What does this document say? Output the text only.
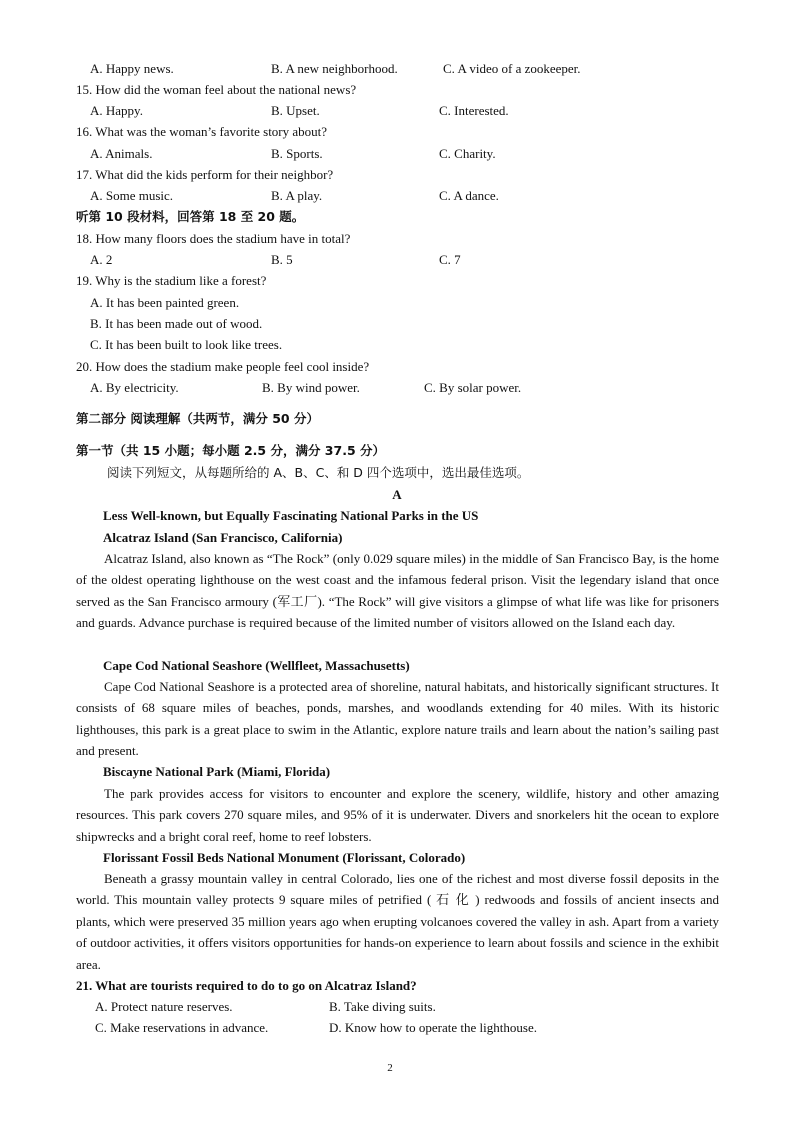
A. Happy news.	B. A new neighborhood.	C. A video of a zookeeper.
15. How did the woman feel about the national news?
A. Happy.	B. Upset.	C. Interested.
16. What was the woman’s favorite story about?
A. Animals.	B. Sports.	C. Charity.
17. What did the kids perform for their neighbor?
A. Some music.	B. A play.	C. A dance.
听第 10 段材料，回答第 18 至 20 题。
18. How many floors does the stadium have in total?
A. 2	B. 5	C. 7
19. Why is the stadium like a forest?
A. It has been painted green.
B. It has been made out of wood.
C. It has been built to look like trees.
20. How does the stadium make people feel cool inside?
A. By electricity.	B. By wind power.	C. By solar power.
第二部分 阅读理解（共两节，满分 50 分）
第一节（共 15 小题；每小题 2.5 分，满分 37.5 分）
阅读下列短文，从每题所给的 A、B、C、和 D 四个选项中，选出最佳选项。
A
Less Well-known, but Equally Fascinating National Parks in the US
Alcatraz Island (San Francisco, California)
Alcatraz Island, also known as “The Rock” (only 0.029 square miles) in the middle of San Francisco Bay, is the home of the oldest operating lighthouse on the west coast and the infamous federal prison. Visit the legendary island that once served as the San Francisco armoury (军工厂). “The Rock” will give visitors a glimpse of what life was like for prisoners and guards. Advance purchase is required because of the limited number of visitors allowed on the Island each day.
Cape Cod National Seashore (Wellfleet, Massachusetts)
Cape Cod National Seashore is a protected area of shoreline, natural habitats, and historically significant structures. It consists of 68 square miles of beaches, ponds, marshes, and woodlands extending for 40 miles. With its historic lighthouses, this park is a great place to swim in the Atlantic, explore nature trails and learn about the nation’s sailing past and present.
Biscayne National Park (Miami, Florida)
The park provides access for visitors to encounter and explore the scenery, wildlife, history and other amazing resources. This park covers 270 square miles, and 95% of it is underwater. Divers and snorkelers hit the ocean to explore shipwrecks and a bright coral reef, home to reef lobsters.
Florissant Fossil Beds National Monument (Florissant, Colorado)
Beneath a grassy mountain valley in central Colorado, lies one of the richest and most diverse fossil deposits in the world. This mountain valley protects 9 square miles of petrified ( 石 化 ) redwoods and fossils of ancient insects and plants, which were preserved 35 million years ago when erupting volcanoes covered the valley in ash. Apart from a variety of outdoor activities, it offers visitors opportunities for hands-on experience to learn about fossils and science in the exhibit area.
21. What are tourists required to do to go on Alcatraz Island?
A. Protect nature reserves.	B. Take diving suits.
C. Make reservations in advance.	D. Know how to operate the lighthouse.
2
